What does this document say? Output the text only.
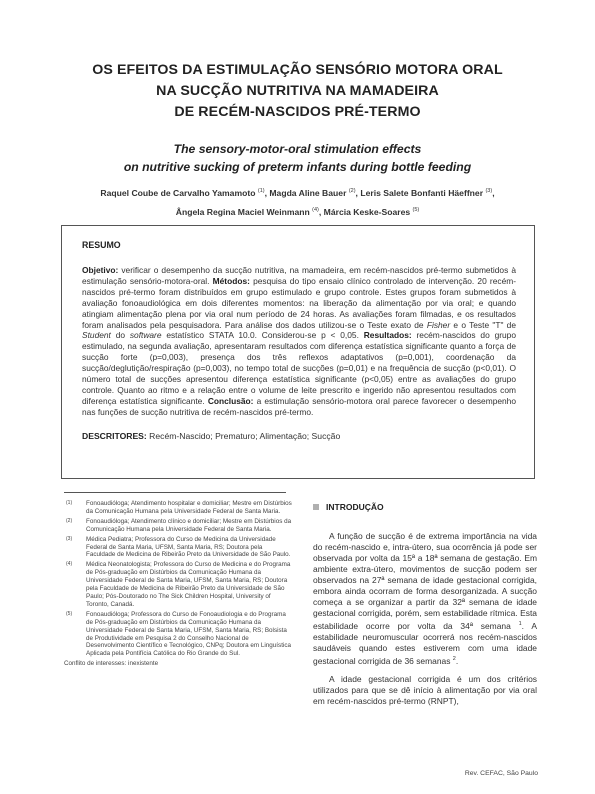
OS EFEITOS DA ESTIMULAÇÃO SENSÓRIO MOTORA ORAL
NA SUCÇÃO NUTRITIVA NA MAMADEIRA
DE RECÉM-NASCIDOS PRÉ-TERMO
The sensory-motor-oral stimulation effects
on nutritive sucking of preterm infants during bottle feeding
Raquel Coube de Carvalho Yamamoto $^{(1)}$, Magda Aline Bauer $^{(2)}$, Leris Salete Bonfanti Häeffner $^{(3)}$,
Ângela Regina Maciel Weinmann $^{(4)}$, Márcia Keske-Soares $^{(5)}$
RESUMO
Objetivo: verificar o desempenho da sucção nutritiva, na mamadeira, em recém-nascidos pré-termo submetidos à estimulação sensório-motora-oral. Métodos: pesquisa do tipo ensaio clínico controlado de intervenção. 20 recém-nascidos pré-termo foram distribuídos em grupo estimulado e grupo controle. Estes grupos foram submetidos à avaliação fonoaudiológica em dois diferentes momentos: na liberação da alimentação por via oral; e quando atingiam alimentação plena por via oral num período de 24 horas. As avaliações foram filmadas, e os resultados foram analisados pela pesquisadora. Para análise dos dados utilizou-se o Teste exato de Fisher e o Teste "T" de Student do software estatístico STATA 10.0. Considerou-se p < 0,05. Resultados: recém-nascidos do grupo estimulado, na segunda avaliação, apresentaram resultados com diferença estatística significante quanto a força de sucção forte (p=0,003), presença dos três reflexos adaptativos (p=0,001), coordenação da sucção/deglutição/respiração (p=0,003), no tempo total de sucções (p=0,01) e na frequência de sucção (p<0,01). O número total de sucções apresentou diferença estatística significante (p<0,05) entre as avaliações do grupo controle. Quanto ao ritmo e a relação entre o volume de leite prescrito e ingerido não apresentou resultados com diferença estatística significante. Conclusão: a estimulação sensório-motora oral parece favorecer o desempenho nas funções de sucção nutritiva de recém-nascidos pré-termo.
DESCRITORES: Recém-Nascido; Prematuro; Alimentação; Sucção
(1) Fonoaudióloga; Atendimento hospitalar e domiciliar; Mestre em Distúrbios da Comunicação Humana pela Universidade Federal de Santa Maria.
(2) Fonoaudióloga; Atendimento clínico e domiciliar; Mestre em Distúrbios da Comunicação Humana pela Universidade Federal de Santa Maria.
(3) Médica Pediatra; Professora do Curso de Medicina da Universidade Federal de Santa Maria, UFSM, Santa Maria, RS; Doutora pela Faculdade de Medicina de Ribeirão Preto da Universidade de São Paulo.
(4) Médica Neonatologista; Professora do Curso de Medicina e do Programa de Pós-graduação em Distúrbios da Comunicação Humana da Universidade Federal de Santa Maria, UFSM, Santa Maria, RS; Doutora pela Faculdade de Medicina de Ribeirão Preto da Universidade de São Paulo; Pós-Doutorado no The Sick Children Hospital, University of Toronto, Canadá.
(5) Fonoaudióloga; Professora do Curso de Fonoaudiologia e do Programa de Pós-graduação em Distúrbios da Comunicação Humana da Universidade Federal de Santa Maria, UFSM, Santa Maria, RS; Bolsista de Produtividade em Pesquisa 2 do Conselho Nacional de Desenvolvimento Científico e Tecnológico, CNPq; Doutora em Linguística Aplicada pela Pontifícia Católica do Rio Grande do Sul.
Conflito de interesses: inexistente
INTRODUÇÃO

A função de sucção é de extrema importância na vida do recém-nascido e, intra-útero, sua ocorrência já pode ser observada por volta da 15ª a 18ª semana de gestação. Em ambiente extra-útero, movimentos de sucção podem ser observados na 27ª semana de idade gestacional corrigida, embora ainda ocorram de forma desorganizada. A sucção começa a se organizar a partir da 32ª semana de idade gestacional corrigida, porém, sem estabilidade rítmica. Esta estabilidade ocorre por volta da 34ª semana $^1$. A estabilidade neuromuscular ocorrerá nos recém-nascidos saudáveis quando estes estiverem com uma idade gestacional corrigida de 36 semanas $^2$.

A idade gestacional corrigida é um dos critérios utilizados para que se dê início à alimentação por via oral em recém-nascidos pré-termo (RNPT),

Rev. CEFAC, São Paulo
